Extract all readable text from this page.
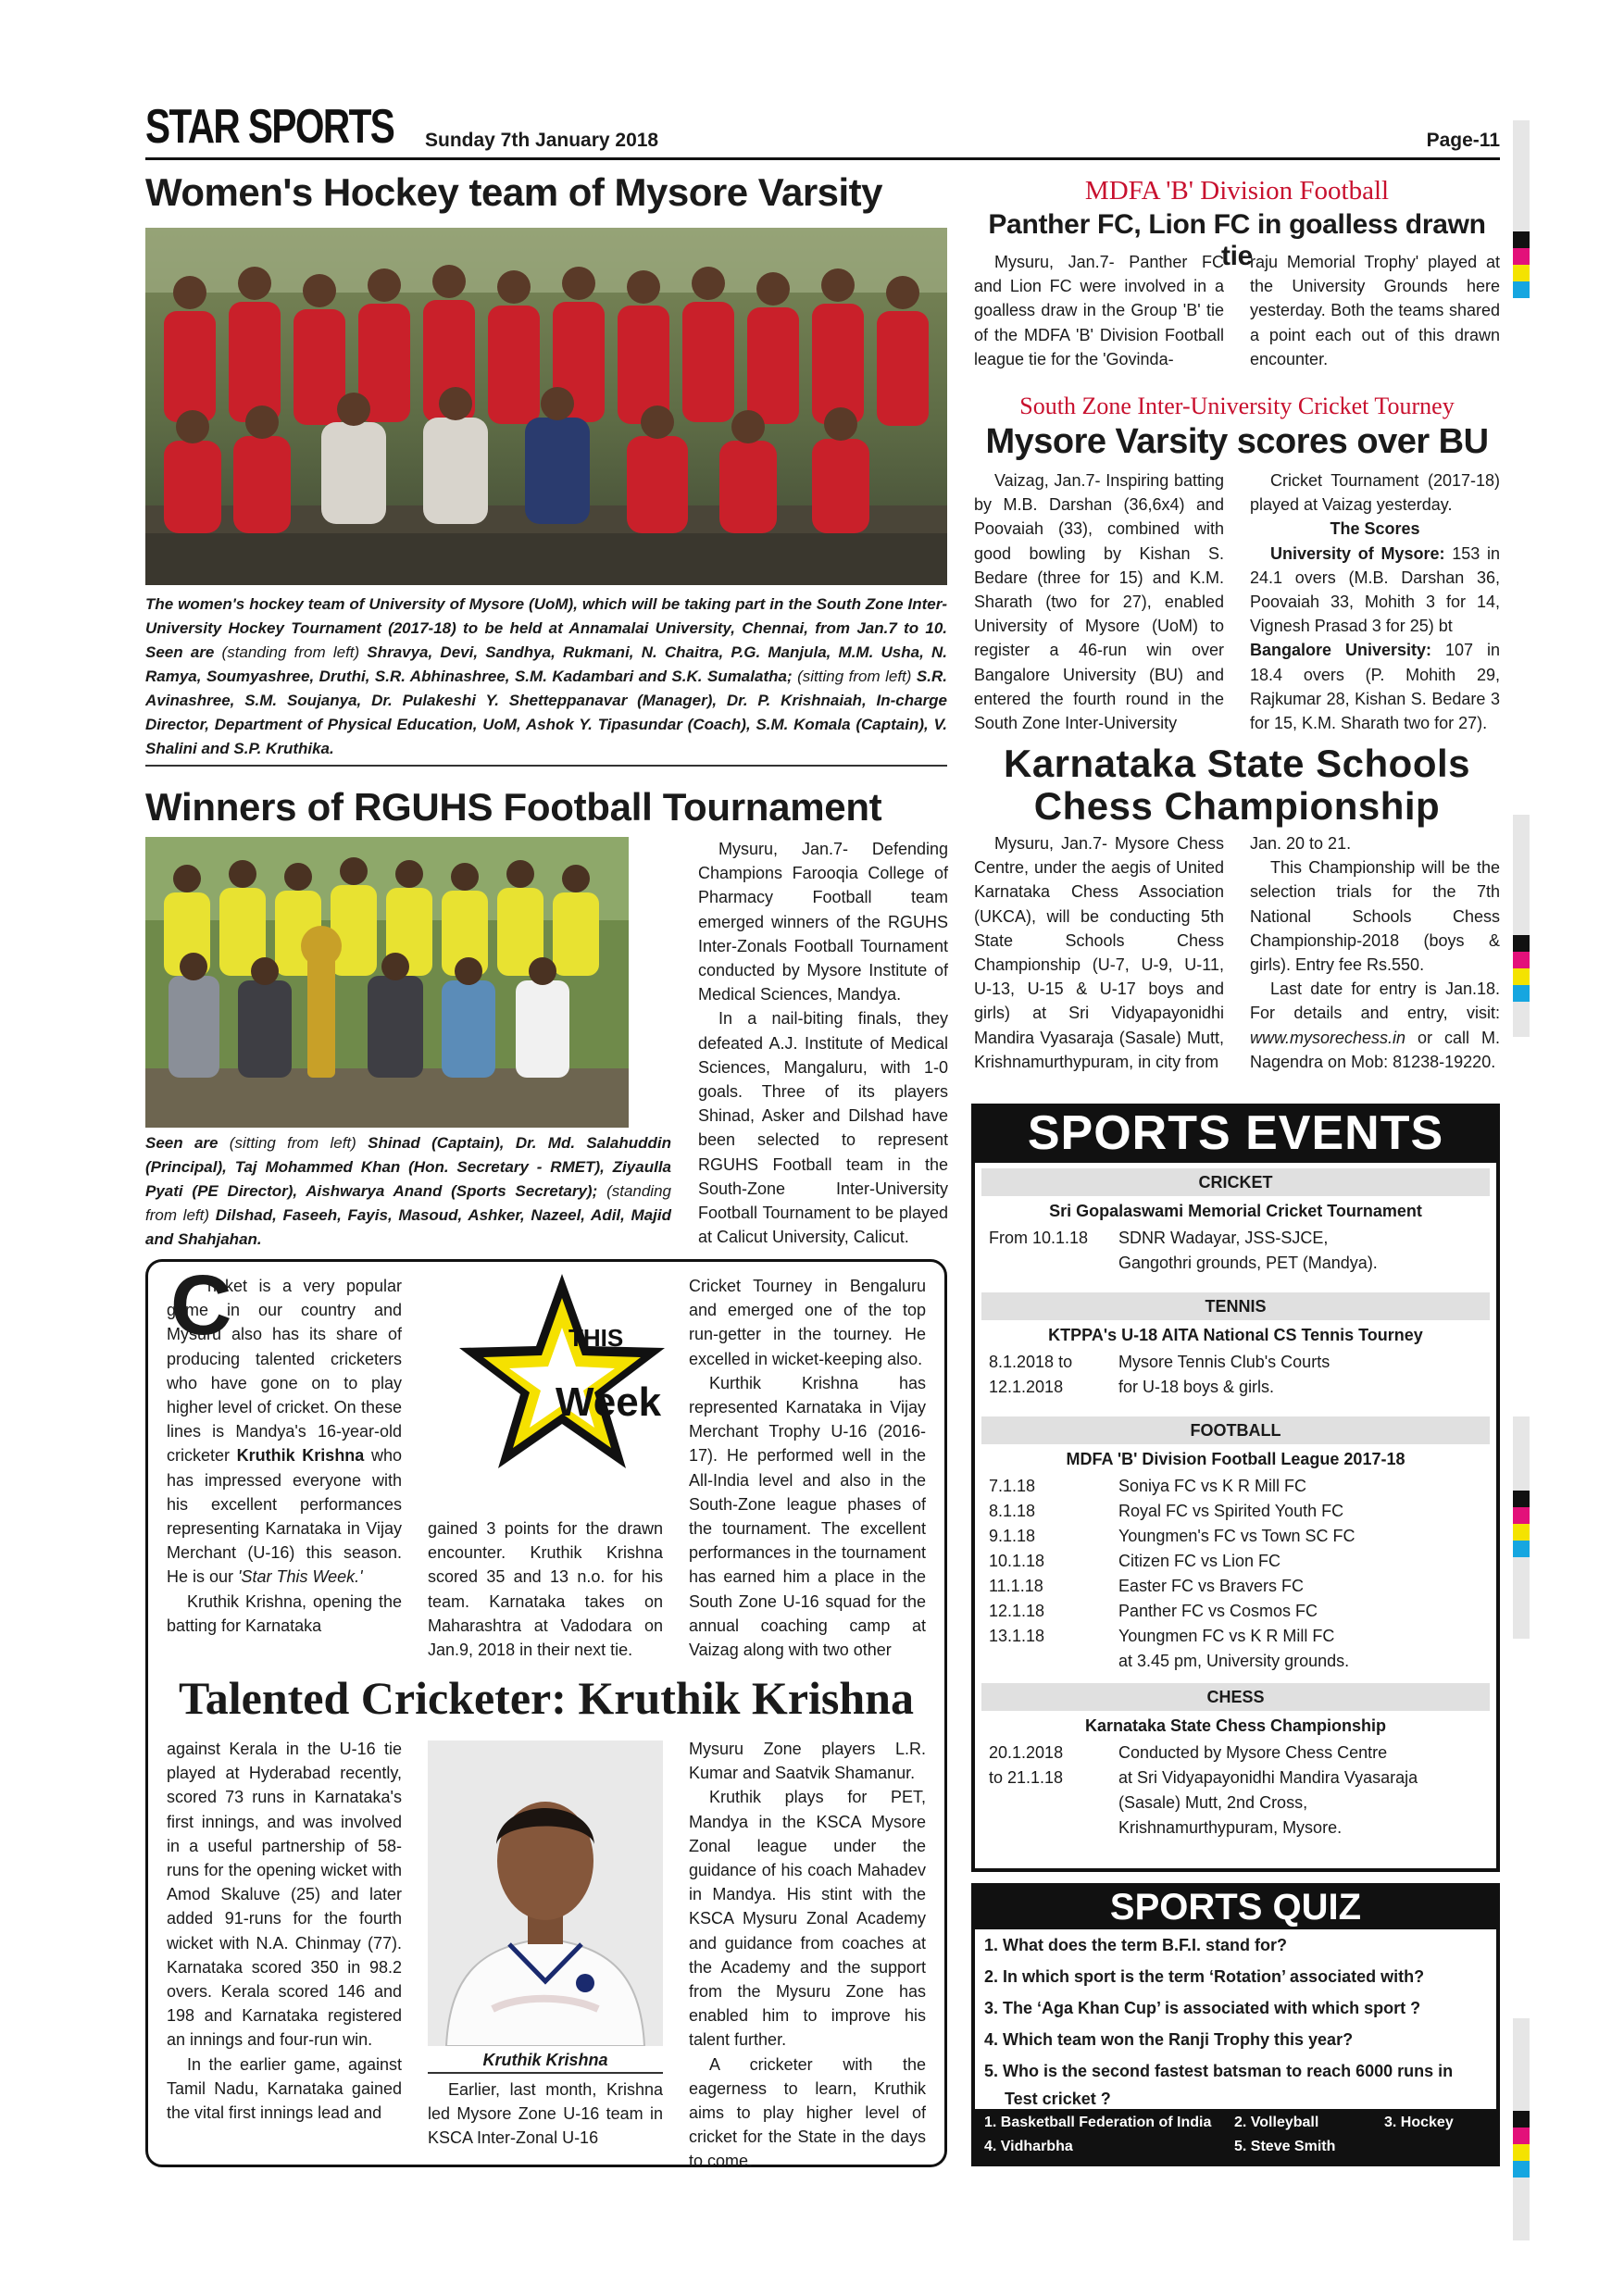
STAR SPORTS Sunday 7th January 2018	Page-11
Women's Hockey team of Mysore Varsity
The women's hockey team of University of Mysore (UoM), which will be taking part in the South Zone Inter-University Hockey Tournament (2017-18) to be held at Annamalai University, Chennai, from Jan.7 to 10. Seen are (standing from left) Shravya, Devi, Sandhya, Rukmani, N. Chaitra, P.G. Manjula, M.M. Usha, N. Ramya, Soumyashree, Druthi, S.R. Abhinashree, S.M. Kadambari and S.K. Sumalatha; (sitting from left) S.R. Avinashree, S.M. Soujanya, Dr. Pulakeshi Y. Shetteppanavar (Manager), Dr. P. Krishnaiah, In-charge Director, Department of Physical Education, UoM, Ashok Y. Tipasundar (Coach), S.M. Komala (Captain), V. Shalini and S.P. Kruthika.
MDFA 'B' Division Football
Panther FC, Lion FC in goalless drawn tie

Mysuru, Jan.7- Panther FC and Lion FC were involved in a goalless draw in the Group 'B' tie of the MDFA 'B' Division Football league tie for the 'Govinda-

raju Memorial Trophy' played at the University Grounds here yesterday. Both the teams shared a point each out of this drawn encounter.

South Zone Inter-University Cricket Tourney
Mysore Varsity scores over BU

Vaizag, Jan.7- Inspiring batting by M.B. Darshan (36,6x4) and Poovaiah (33), combined with good bowling by Kishan S. Bedare (three for 15) and K.M. Sharath (two for 27), enabled University of Mysore (UoM) to register a 46-run win over Bangalore University (BU) and entered the fourth round in the South Zone Inter-University

Cricket Tournament (2017-18) played at Vaizag yesterday.

The Scores

University of Mysore: 153 in 24.1 overs (M.B. Darshan 36, Poovaiah 33, Mohith 3 for 14, Vignesh Prasad 3 for 25) bt

Bangalore University: 107 in 18.4 overs (P. Mohith 29, Rajkumar 28, Kishan S. Bedare 3 for 15, K.M. Sharath two for 27).

Karnataka State Schools
Chess Championship

Mysuru, Jan.7- Mysore Chess Centre, under the aegis of United Karnataka Chess Association (UKCA), will be conducting 5th State Schools Chess Championship (U-7, U-9, U-11, U-13, U-15 & U-17 boys and girls) at Sri Vidyapayonidhi Mandira Vyasaraja (Sasale) Mutt, Krishnamurthypuram, in city from

Jan. 20 to 21.

This Championship will be the selection trials for the 7th National Schools Chess Championship-2018 (boys & girls). Entry fee Rs.550.

Last date for entry is Jan.18. For details and entry, visit: www.mysorechess.in or call M. Nagendra on Mob: 81238-19220.

Winners of RGUHS Football Tournament
Seen are (sitting from left) Shinad (Captain), Dr. Md. Salahuddin (Principal), Taj Mohammed Khan (Hon. Secretary - RMET), Ziyaulla Pyati (PE Director), Aishwarya Anand (Sports Secretary); (standing from left) Dilshad, Faseeh, Fayis, Masoud, Ashker, Nazeel, Adil, Majid and Shahjahan.

Mysuru, Jan.7- Defending Champions Farooqia College of Pharmacy Football team emerged winners of the RGUHS Inter-Zonals Football Tournament conducted by Mysore Institute of Medical Sciences, Mandya.

In a nail-biting finals, they defeated A.J. Institute of Medical Sciences, Mangaluru, with 1-0 goals. Three of its players Shinad, Asker and Dilshad have been selected to represent RGUHS Football team in the South-Zone Inter-University Football Tournament to be played at Calicut University, Calicut.

C

ricket is a very popular game in our country and Mysuru also has its share of producing talented cricketers who have gone on to play higher level of cricket. On these lines is Mandya's 16-year-old cricketer Kruthik Krishna who has impressed everyone with his excellent performances representing Karnataka in Vijay Merchant (U-16) this season. He is our 'Star This Week.'

Kruthik Krishna, opening the batting for Karnataka

THIS
Week

gained 3 points for the drawn encounter. Kruthik Krishna scored 35 and 13 n.o. for his team. Karnataka takes on Maharashtra at Vadodara on Jan.9, 2018 in their next tie.

Cricket Tourney in Bengaluru and emerged one of the top run-getter in the tourney. He excelled in wicket-keeping also.

Kurthik Krishna has represented Karnataka in Vijay Merchant Trophy U-16 (2016-17). He performed well in the All-India level and also in the South-Zone league phases of the tournament. The excellent performances in the tournament has earned him a place in the South Zone U-16 squad for the annual coaching camp at Vaizag along with two other

Talented Cricketer: Kruthik Krishna

against Kerala in the U-16 tie played at Hyderabad recently, scored 73 runs in Karnataka's first innings, and was involved in a useful partnership of 58-runs for the opening wicket with Amod Skaluve (25) and later added 91-runs for the fourth wicket with N.A. Chinmay (77). Karnataka scored 350 in 98.2 overs. Kerala scored 146 and 198 and Karnataka registered an innings and four-run win.

In the earlier game, against Tamil Nadu, Karnataka gained the vital first innings lead and

Kruthik Krishna

Earlier, last month, Krishna led Mysore Zone U-16 team in KSCA Inter-Zonal U-16

Mysuru Zone players L.R. Kumar and Saatvik Shamanur.

Kruthik plays for PET, Mandya in the KSCA Mysore Zonal league under the guidance of his coach Mahadev in Mandya. His stint with the KSCA Mysuru Zonal Academy and guidance from coaches at the Academy and the support from the Mysuru Zone has enabled him to improve his talent further.

A cricketer with the eagerness to learn, Kruthik aims to play higher level of cricket for the State in the days to come.

SPORTS EVENTS
CRICKET
Sri Gopalaswami Memorial Cricket Tournament
From 10.1.18 SDNR Wadayar, JSS-SJCE,
Gangothri grounds, PET (Mandya).
TENNIS
KTPPA's U-18 AITA National CS Tennis Tourney
8.1.2018 to
12.1.2018
Mysore Tennis Club's Courts
for U-18 boys & girls.
FOOTBALL
MDFA 'B' Division Football League 2017-18
7.1.18	Soniya FC vs K R Mill FC
8.1.18	Royal FC vs Spirited Youth FC
9.1.18	Youngmen's FC vs Town SC FC
10.1.18	Citizen FC vs Lion FC
11.1.18	Easter FC vs Bravers FC
12.1.18	Panther FC vs Cosmos FC
13.1.18	Youngmen FC vs K R Mill FC
at 3.45 pm, University grounds.
CHESS
Karnataka State Chess Championship
20.1.2018
to 21.1.18
Conducted by Mysore Chess Centre
at Sri Vidyapayonidhi Mandira Vyasaraja
(Sasale) Mutt, 2nd Cross,
Krishnamurthypuram, Mysore.
SPORTS QUIZ
1. What does the term B.F.I. stand for?
2. In which sport is the term ‘Rotation’ associated with?
3. The ‘Aga Khan Cup’ is associated with which sport ?
4. Which team won the Ranji Trophy this year?
5. Who is the second fastest batsman to reach 6000 runs in
Test cricket ?
1. Basketball Federation of India 2. Volleyball	3. Hockey
4. Vidharbha	5. Steve Smith
